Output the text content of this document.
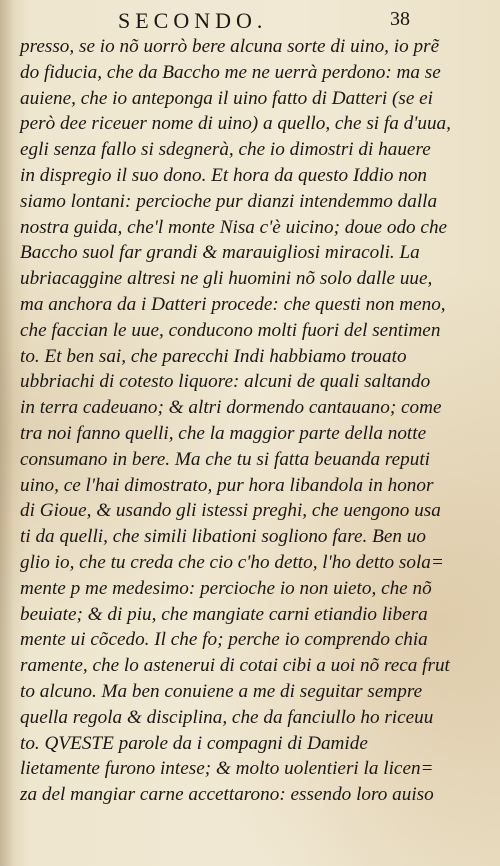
SECONDO.	38
presso, se io nõ uorrò bere alcuna sorte di uino, io prẽ
do fiducia, che da Baccho me ne uerrà perdono: ma se
auiene, che io anteponga il uino fatto di Datteri (se ei
però dee riceuer nome di uino) a quello, che si fa d'uua,
egli senza fallo si sdegnerà, che io dimostri di hauere
in dispregio il suo dono. Et hora da questo Iddio non
siamo lontani: percioche pur dianzi intendemmo dalla
nostra guida, che'l monte Nisa c'è uicino; doue odo che
Baccho suol far grandi & marauigliosi miracoli. La
ubriacaggine altresi ne gli huomini nõ solo dalle uue,
ma anchora da i Datteri procede: che questi non meno,
che faccian le uue, conducono molti fuori del sentimen
to. Et ben sai, che parecchi Indi habbiamo trouato
ubbriachi di cotesto liquore: alcuni de quali saltando
in terra cadeuano; & altri dormendo cantauano; come
tra noi fanno quelli, che la maggior parte della notte
consumano in bere. Ma che tu si fatta beuanda reputi
uino, ce l'hai dimostrato, pur hora libandola in honor
di Gioue, & usando gli istessi preghi, che uengono usa
ti da quelli, che simili libationi sogliono fare. Ben uo
glio io, che tu creda che cio c'ho detto, l'ho detto sola=
mente p me medesimo: percioche io non uieto, che nõ
beuiate; & di piu, che mangiate carni etiandio libera
mente ui cõcedo. Il che fo; perche io comprendo chia
ramente, che lo astenerui di cotai cibi a uoi nõ reca frut
to alcuno. Ma ben conuiene a me di seguitar sempre
quella regola & disciplina, che da fanciullo ho riceuu
to. QVESTE parole da i compagni di Damide
lietamente furono intese; & molto uolentieri la licen=
za del mangiar carne accettarono: essendo loro auiso
